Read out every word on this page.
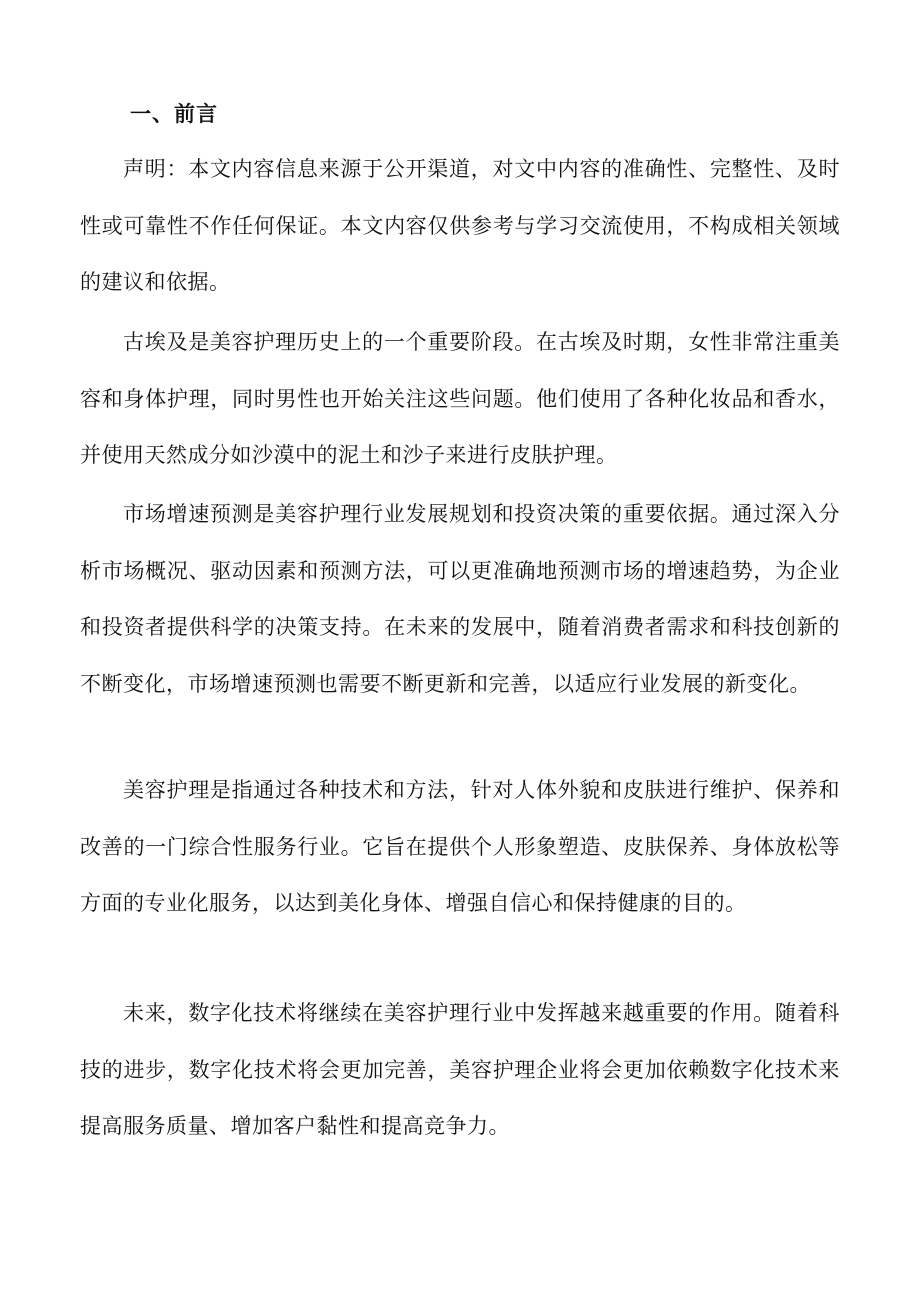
一、前言

声明：本文内容信息来源于公开渠道，对文中内容的准确性、完整性、及时性或可靠性不作任何保证。本文内容仅供参考与学习交流使用，不构成相关领域的建议和依据。

古埃及是美容护理历史上的一个重要阶段。在古埃及时期，女性非常注重美容和身体护理，同时男性也开始关注这些问题。他们使用了各种化妆品和香水，并使用天然成分如沙漠中的泥土和沙子来进行皮肤护理。

市场增速预测是美容护理行业发展规划和投资决策的重要依据。通过深入分析市场概况、驱动因素和预测方法，可以更准确地预测市场的增速趋势，为企业和投资者提供科学的决策支持。在未来的发展中，随着消费者需求和科技创新的不断变化，市场增速预测也需要不断更新和完善，以适应行业发展的新变化。

美容护理是指通过各种技术和方法，针对人体外貌和皮肤进行维护、保养和改善的一门综合性服务行业。它旨在提供个人形象塑造、皮肤保养、身体放松等方面的专业化服务，以达到美化身体、增强自信心和保持健康的目的。

未来，数字化技术将继续在美容护理行业中发挥越来越重要的作用。随着科技的进步，数字化技术将会更加完善，美容护理企业将会更加依赖数字化技术来提高服务质量、增加客户黏性和提高竞争力。
